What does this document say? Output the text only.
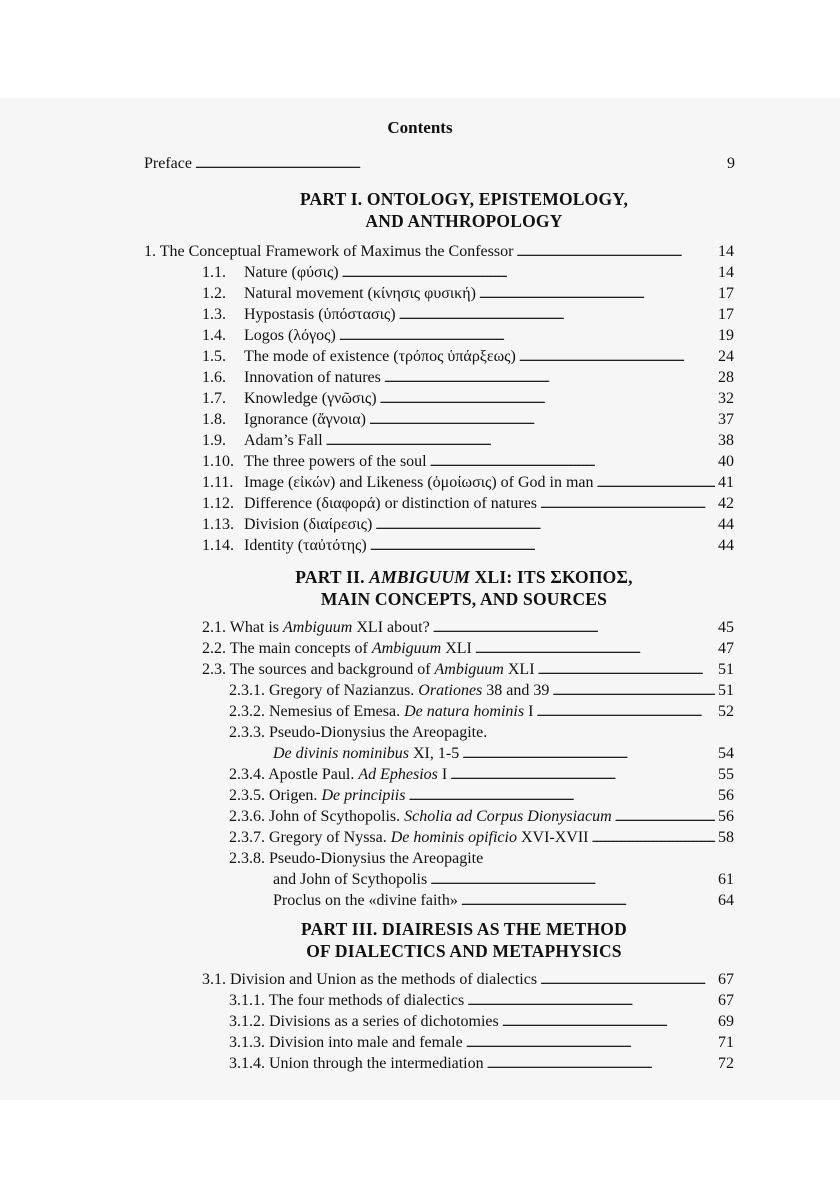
Contents
Preface . . .	9
PART I. ONTOLOGY, EPISTEMOLOGY,
AND ANTHROPOLOGY
1. The Conceptual Framework of Maximus the Confessor . . .	14
1.1. Nature (φύσις) . . .	14
1.2. Natural movement (κίνησις φυσική) . . .	17
1.3. Hypostasis (ὑπόστασις) . . .	17
1.4. Logos (λόγος) . . .	19
1.5. The mode of existence (τρόπος ὑπάρξεως) . . .	24
1.6. Innovation of natures . . .	28
1.7. Knowledge (γνῶσις) . . .	32
1.8. Ignorance (ἄγνοια) . . .	37
1.9. Adam’s Fall . . .	38
1.10. The three powers of the soul . . .	40
1.11. Image (εἰκών) and Likeness (ὁμοίωσις) of God in man . . .	41
1.12. Difference (διαφορά) or distinction of natures . . .	42
1.13. Division (διαίρεσις) . . .	44
1.14. Identity (ταὐτότης) . . .	44
PART II. AMBIGUUM XLI: ITS ΣΚΟΠΟΣ,
MAIN CONCEPTS, AND SOURCES
2.1. What is Ambiguum XLI about? . . .	45
2.2. The main concepts of Ambiguum XLI . . .	47
2.3. The sources and background of Ambiguum XLI . . .	51
2.3.1. Gregory of Nazianzus. Orationes 38 and 39 . . .	51
2.3.2. Nemesius of Emesa. De natura hominis I . . .	52
2.3.3. Pseudo-Dionysius the Areopagite.
De divinis nominibus XI, 1-5 . . .	54
2.3.4. Apostle Paul. Ad Ephesios I . . .	55
2.3.5. Origen. De principiis . . .	56
2.3.6. John of Scythopolis. Scholia ad Corpus Dionysiacum . . .	56
2.3.7. Gregory of Nyssa. De hominis opificio XVI-XVII . . .	58
2.3.8. Pseudo-Dionysius the Areopagite
and John of Scythopolis . . .	61
Proclus on the «divine faith» . . .	64
PART III. DIAIRESIS AS THE METHOD
OF DIALECTICS AND METAPHYSICS
3.1. Division and Union as the methods of dialectics . . .	67
3.1.1. The four methods of dialectics . . .	67
3.1.2. Divisions as a series of dichotomies . . .	69
3.1.3. Division into male and female . . .	71
3.1.4. Union through the intermediation . . .	72
